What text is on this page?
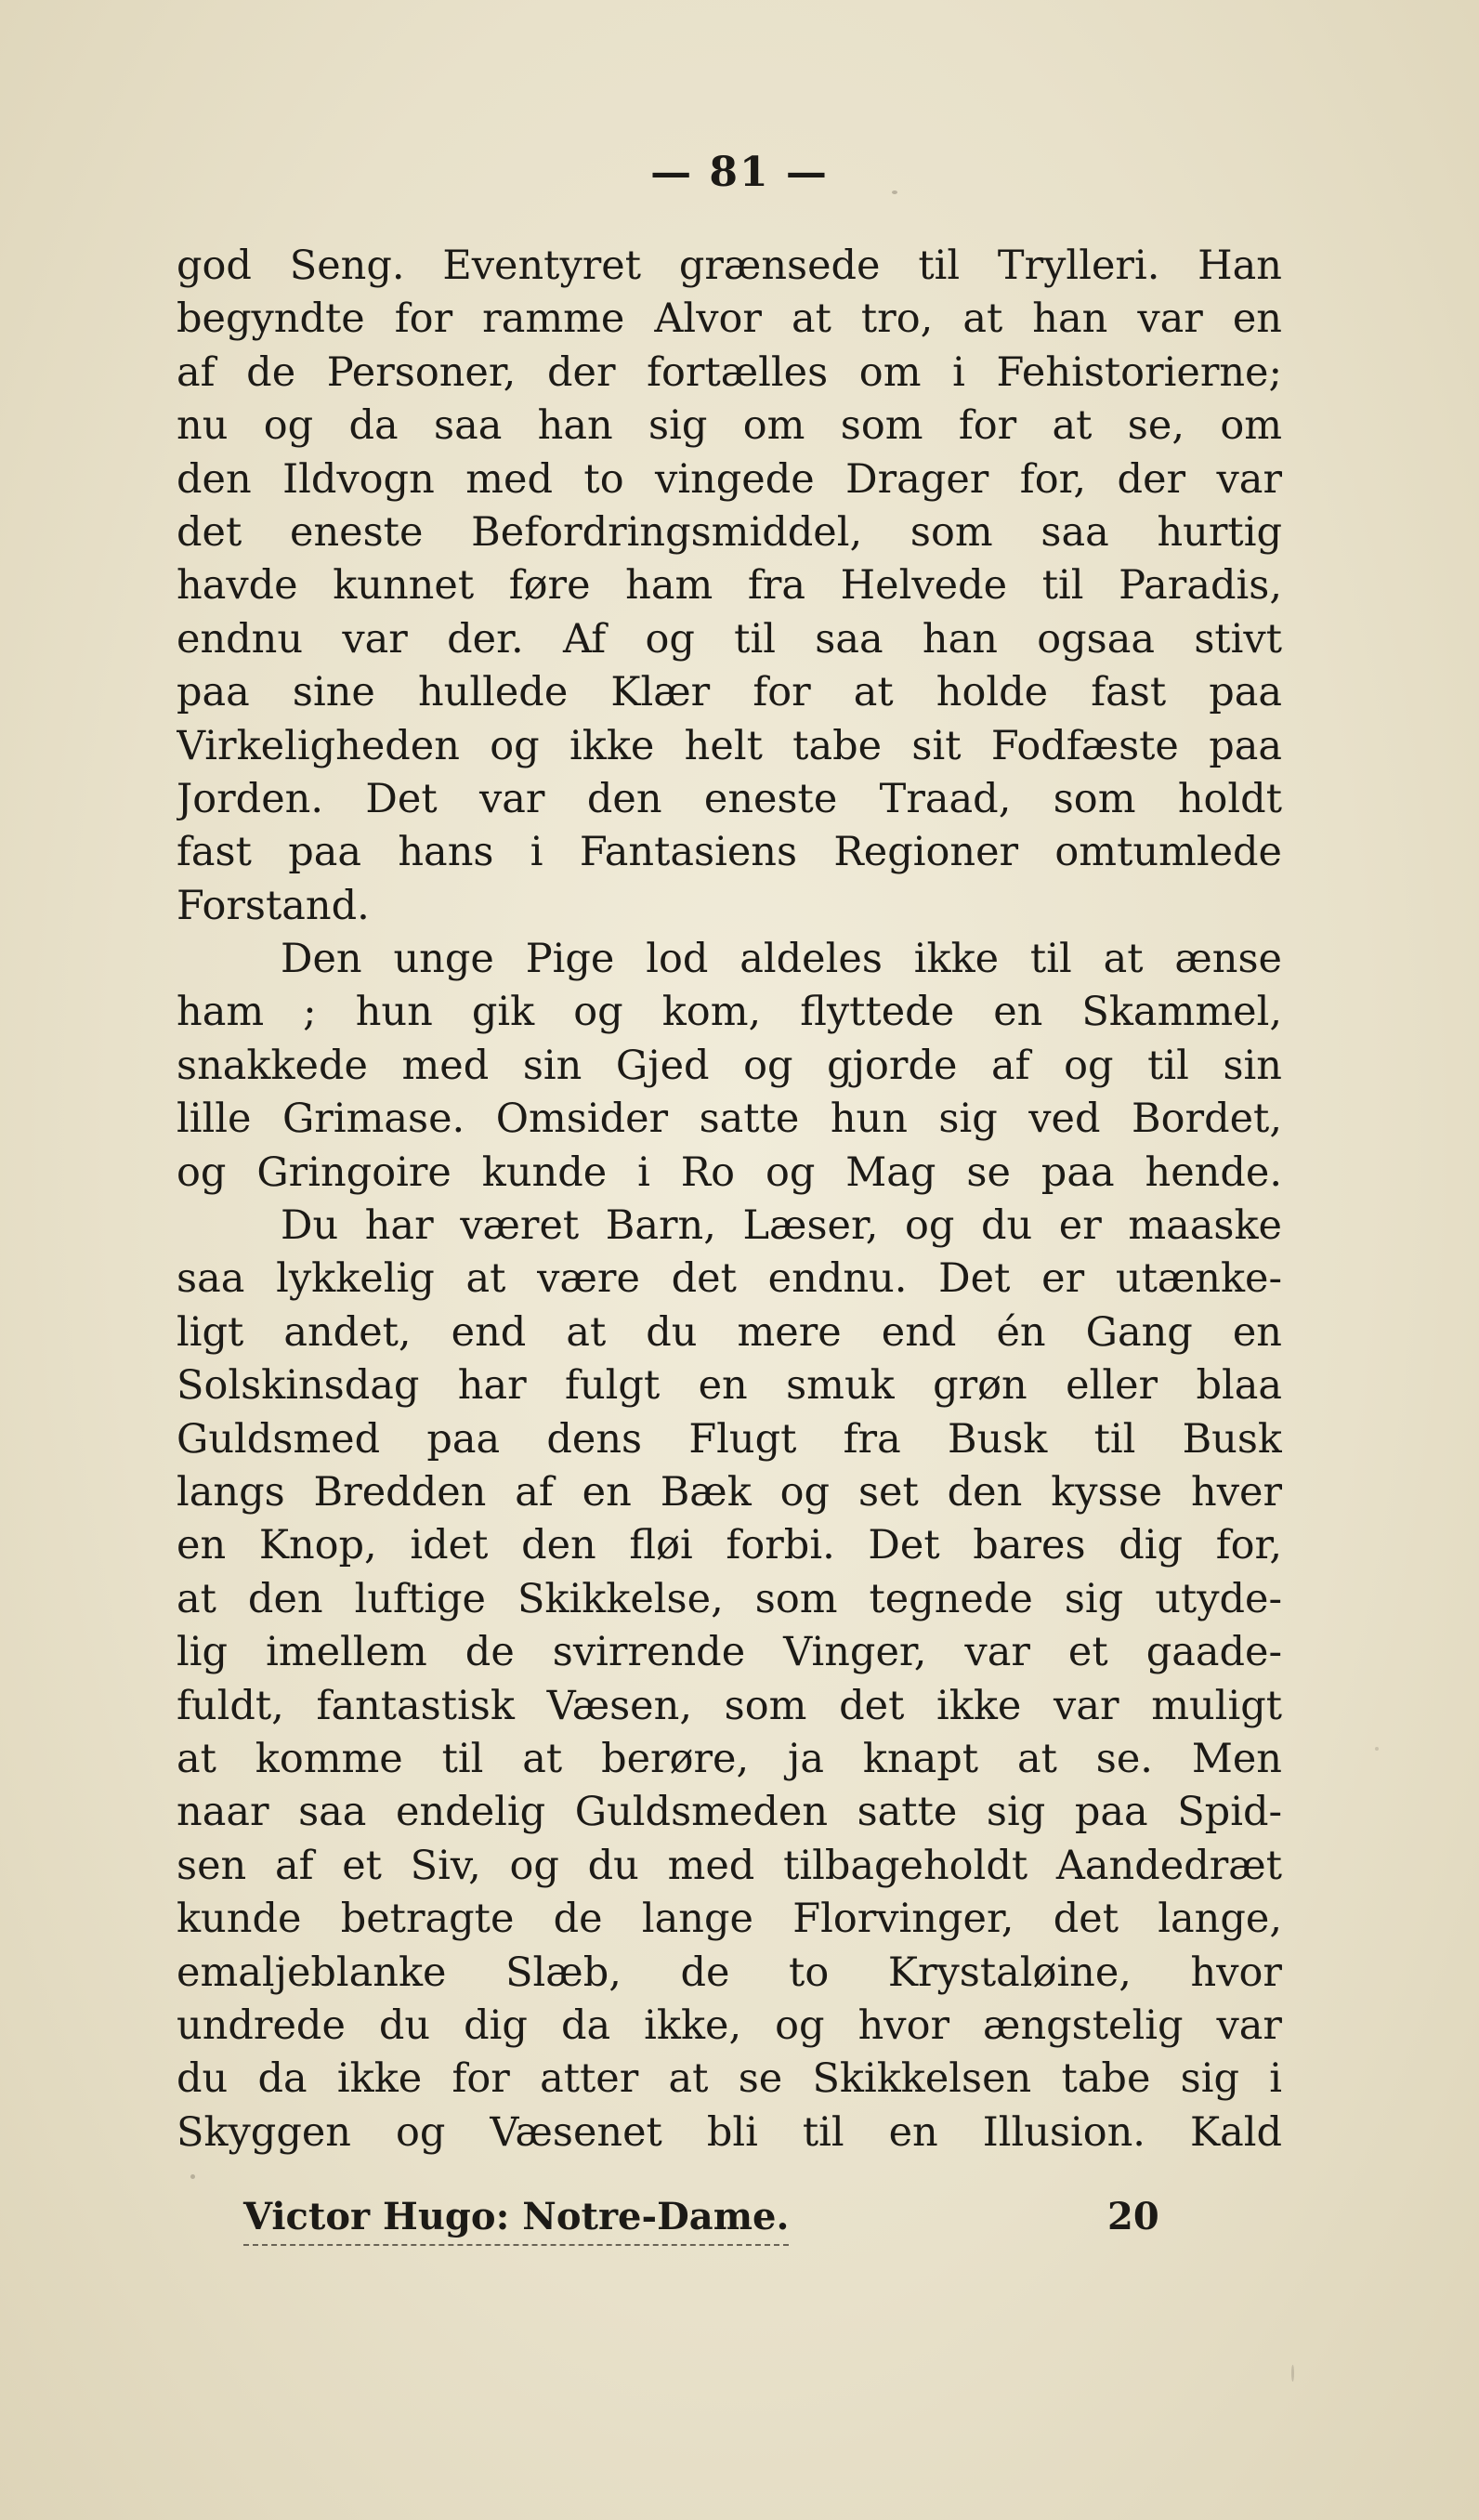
— 81 —
god Seng. Eventyret grænsede til Trylleri. Han
begyndte for ramme Alvor at tro, at han var en
af de Personer, der fortælles om i Fehistorierne;
nu og da saa han sig om som for at se, om
den Ildvogn med to vingede Drager for, der var
det eneste Befordringsmiddel, som saa hurtig
havde kunnet føre ham fra Helvede til Paradis,
endnu var der. Af og til saa han ogsaa stivt
paa sine hullede Klær for at holde fast paa
Virkeligheden og ikke helt tabe sit Fodfæste paa
Jorden. Det var den eneste Traad, som holdt
fast paa hans i Fantasiens Regioner omtumlede
Forstand.
Den unge Pige lod aldeles ikke til at ænse
ham ; hun gik og kom, flyttede en Skammel,
snakkede med sin Gjed og gjorde af og til sin
lille Grimase. Omsider satte hun sig ved Bordet,
og Gringoire kunde i Ro og Mag se paa hende.
Du har været Barn, Læser, og du er maaske
saa lykkelig at være det endnu. Det er utænke-
ligt andet, end at du mere end én Gang en
Solskinsdag har fulgt en smuk grøn eller blaa
Guldsmed paa dens Flugt fra Busk til Busk
langs Bredden af en Bæk og set den kysse hver
en Knop, idet den fløi forbi. Det bares dig for,
at den luftige Skikkelse, som tegnede sig utyde-
lig imellem de svirrende Vinger, var et gaade-
fuldt, fantastisk Væsen, som det ikke var muligt
at komme til at berøre, ja knapt at se. Men
naar saa endelig Guldsmeden satte sig paa Spid-
sen af et Siv, og du med tilbageholdt Aandedræt
kunde betragte de lange Florvinger, det lange,
emaljeblanke Slæb, de to Krystaløine, hvor
undrede du dig da ikke, og hvor ængstelig var
du da ikke for atter at se Skikkelsen tabe sig i
Skyggen og Væsenet bli til en Illusion. Kald
Victor Hugo: Notre-Dame.	20
